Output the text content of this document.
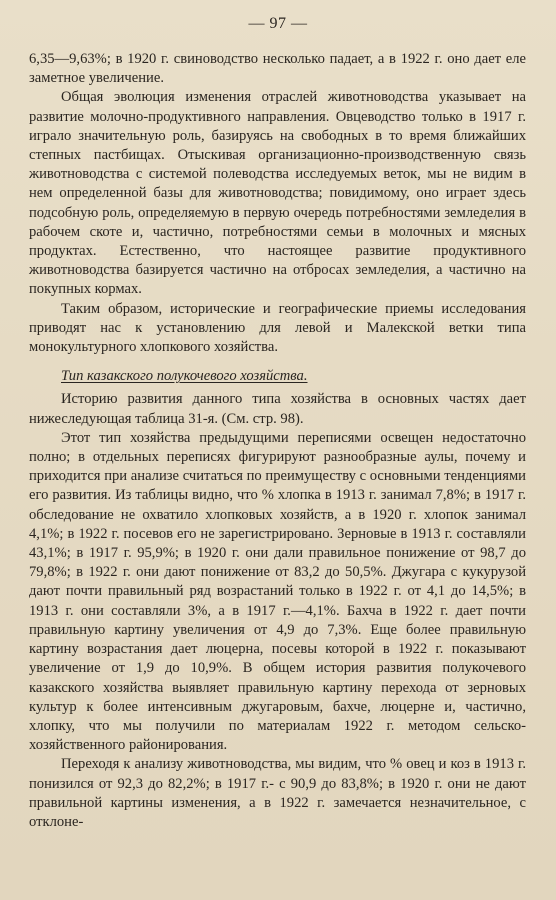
— 97 —

6,35—9,63%; в 1920 г. свиноводство несколько падает, а в 1922 г. оно дает еле заметное увеличение.

Общая эволюция изменения отраслей животноводства указывает на развитие молочно-продуктивного направления. Овцеводство только в 1917 г. играло значительную роль, базируясь на свободных в то время ближайших степных пастбищах. Отыскивая организационно-производственную связь животноводства с системой полеводства исследуемых веток, мы не видим в нем определенной базы для животноводства; повидимому, оно играет здесь подсобную роль, определяемую в первую очередь потребностями земледелия в рабочем скоте и, частично, потребностями семьи в молочных и мясных продуктах. Естественно, что настоящее развитие продуктивного животноводства базируется частично на отбросах земледелия, а частично на покупных кормах.

Таким образом, исторические и географические приемы исследования приводят нас к установлению для левой и Малекской ветки типа монокультурного хлопкового хозяйства.

Тип казакского полукочевого хозяйства.

Историю развития данного типа хозяйства в основных частях дает нижеследующая таблица 31-я. (См. стр. 98).

Этот тип хозяйства предыдущими переписями освещен недостаточно полно; в отдельных переписях фигурируют разнообразные аулы, почему и приходится при анализе считаться по преимуществу с основными тенденциями его развития. Из таблицы видно, что % хлопка в 1913 г. занимал 7,8%; в 1917 г. обследование не охватило хлопковых хозяйств, а в 1920 г. хлопок занимал 4,1%; в 1922 г. посевов его не зарегистрировано. Зерновые в 1913 г. составляли 43,1%; в 1917 г. 95,9%; в 1920 г. они дали правильное понижение от 98,7 до 79,8%; в 1922 г. они дают понижение от 83,2 до 50,5%. Джугара с кукурузой дают почти правильный ряд возрастаний только в 1922 г. от 4,1 до 14,5%; в 1913 г. они составляли 3%, а в 1917 г.—4,1%. Бахча в 1922 г. дает почти правильную картину увеличения от 4,9 до 7,3%. Еще более правильную картину возрастания дает люцерна, посевы которой в 1922 г. показывают увеличение от 1,9 до 10,9%. В общем история развития полукочевого казакского хозяйства выявляет правильную картину перехода от зерновых культур к более интенсивным джугаровым, бахче, люцерне и, частично, хлопку, что мы получили по материалам 1922 г. методом сельско-хозяйственного районирования.

Переходя к анализу животноводства, мы видим, что % овец и коз в 1913 г. понизился от 92,3 до 82,2%; в 1917 г.- с 90,9 до 83,8%; в 1920 г. они не дают правильной картины изменения, а в 1922 г. замечается незначительное, с отклоне-
